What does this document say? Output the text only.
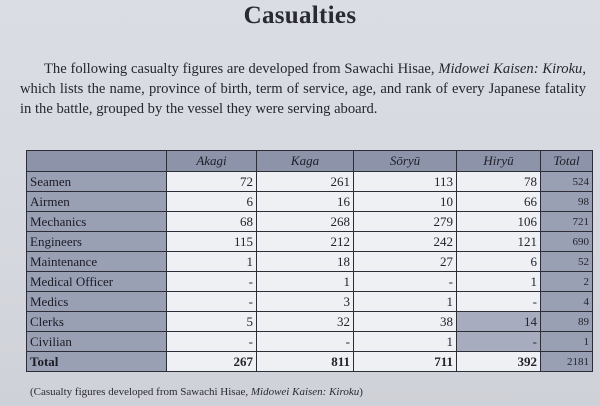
Casualties

The following casualty figures are developed from Sawachi Hisae, Midowei Kaisen: Kiroku, which lists the name, province of birth, term of service, age, and rank of every Japanese fatality in the battle, grouped by the vessel they were serving aboard.

	Akagi	Kaga	Sōryū	Hiryū	Total
Seamen	72	261	113	78	524
Airmen	6	16	10	66	98
Mechanics	68	268	279	106	721
Engineers	115	212	242	121	690
Maintenance	1	18	27	6	52
Medical Officer	-	1	-	1	2
Medics	-	3	1	-	4
Clerks	5	32	38	14	89
Civilian	-	-	1	-	1
Total	267	811	711	392	2181

(Casualty figures developed from Sawachi Hisae, Midowei Kaisen: Kiroku)
